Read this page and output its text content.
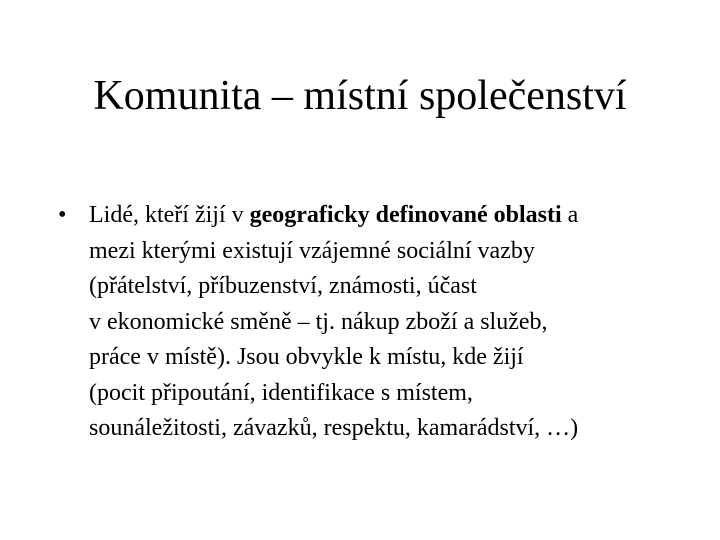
Komunita – místní společenství
• Lidé, kteří žijí v geograficky definované oblasti a
mezi kterými existují vzájemné sociální vazby
(přátelství, příbuzenství, známosti, účast
v ekonomické směně – tj. nákup zboží a služeb,
práce v místě). Jsou obvykle k místu, kde žijí
(pocit připoutání, identifikace s místem,
sounáležitosti, závazků, respektu, kamarádství, …)
